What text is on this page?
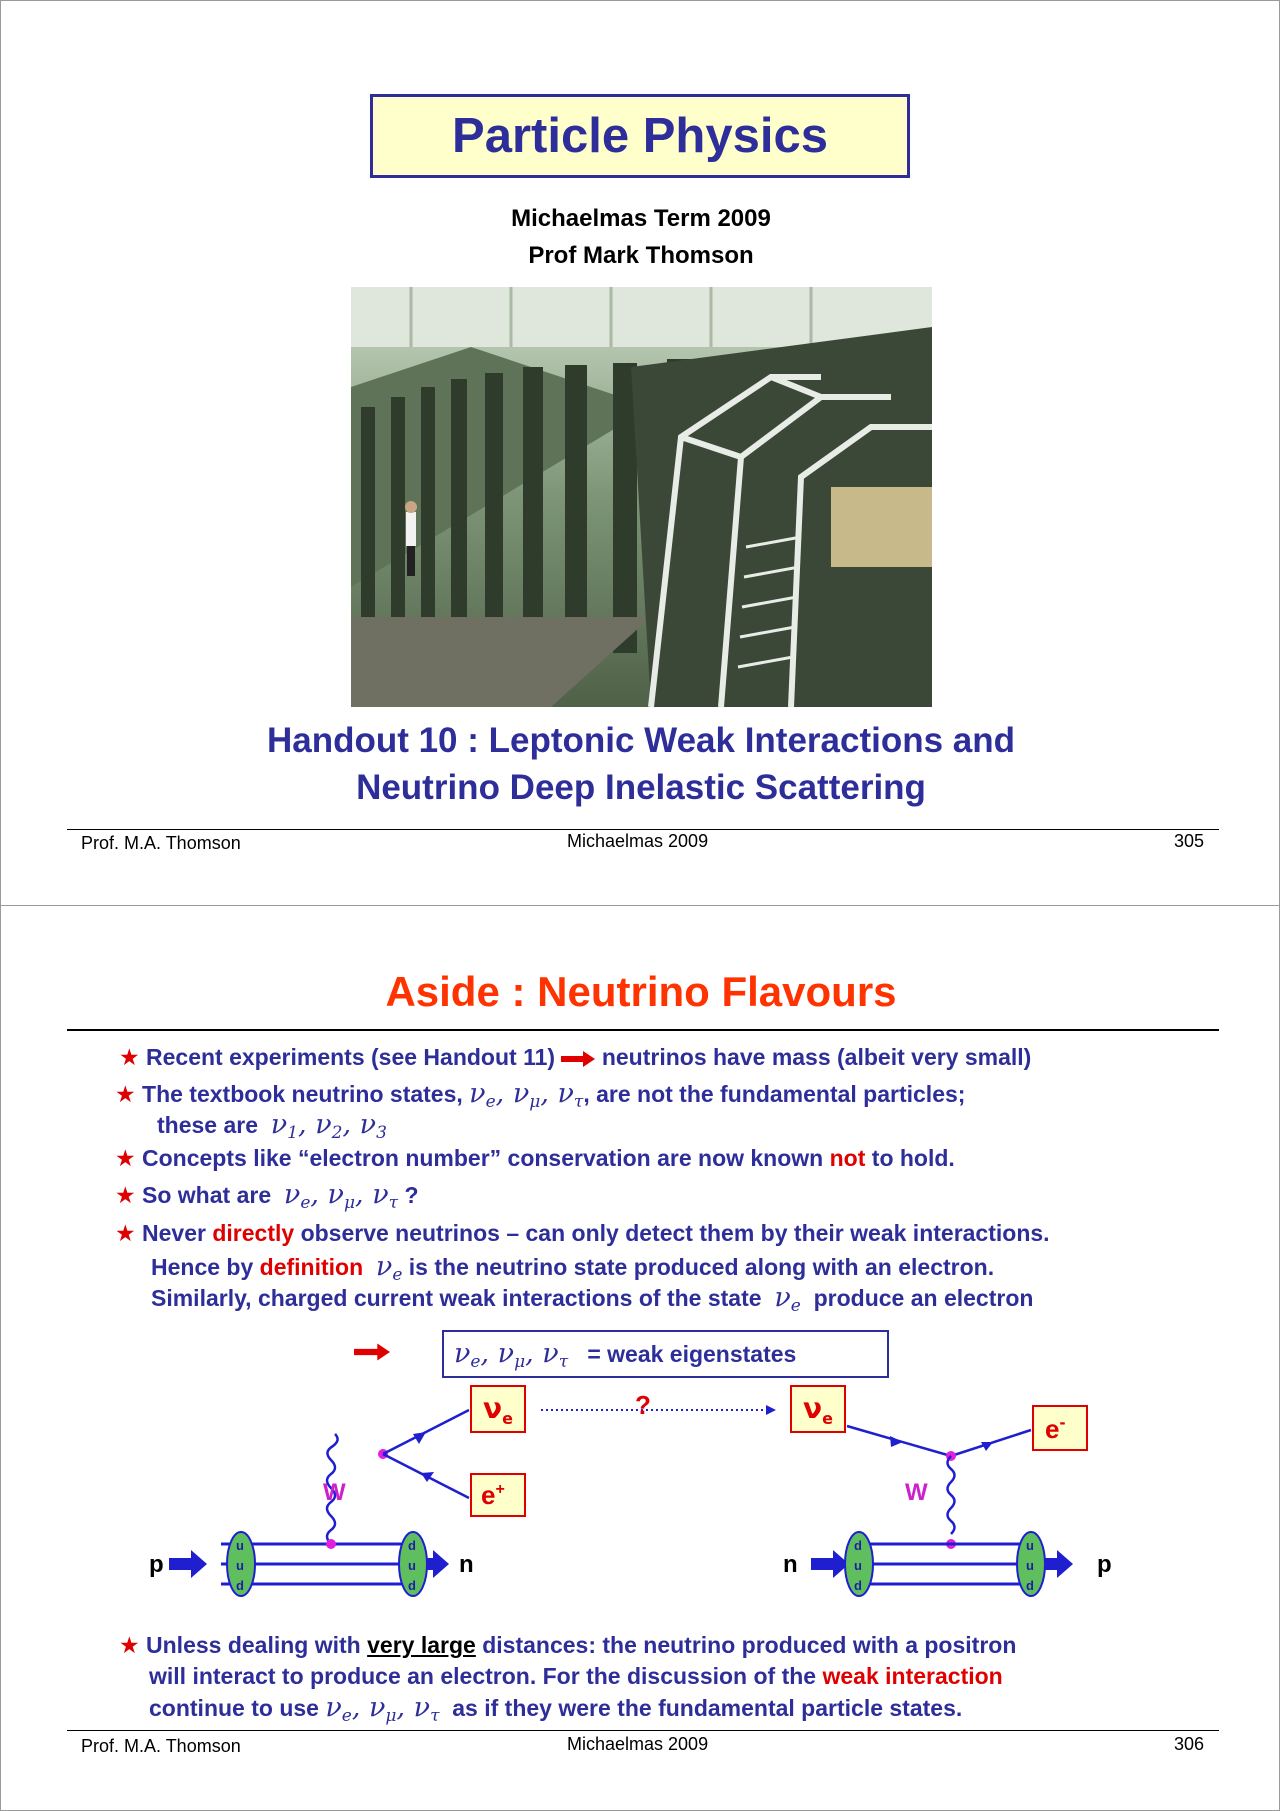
Particle Physics
Michaelmas Term 2009
Prof Mark Thomson
Handout 10 : Leptonic Weak Interactions and
Neutrino Deep Inelastic Scattering
Prof. M.A. Thomson	Michaelmas 2009	305
Aside : Neutrino Flavours
★ Recent experiments (see Handout 11) neutrinos have mass (albeit very small)
★ The textbook neutrino states, $\nu_e$, $\nu_\mu$, $\nu_\tau$, are not the fundamental particles;
these are $\nu_1$, $\nu_2$, $\nu_3$
★ Concepts like “electron number” conservation are now known not to hold.
★ So what are $\nu_e$, $\nu_\mu$, $\nu_\tau$ ?
★ Never directly observe neutrinos – can only detect them by their weak interactions.
Hence by definition $\nu_e$ is the neutrino state produced along with an electron.
Similarly, charged current weak interactions of the state $\nu_e$ produce an electron
$\nu_e$, $\nu_\mu$, $\nu_\tau$ = weak eigenstates
p	n
u
u
d
d
u
d
W
$\nu_e$
e+
?	$\nu_e$	e-
W
n	p
d
u
d
u
u
d
★ Unless dealing with very large distances: the neutrino produced with a positron
will interact to produce an electron. For the discussion of the weak interaction
continue to use $\nu_e$, $\nu_\mu$, $\nu_\tau$ as if they were the fundamental particle states.
Prof. M.A. Thomson	Michaelmas 2009	306
